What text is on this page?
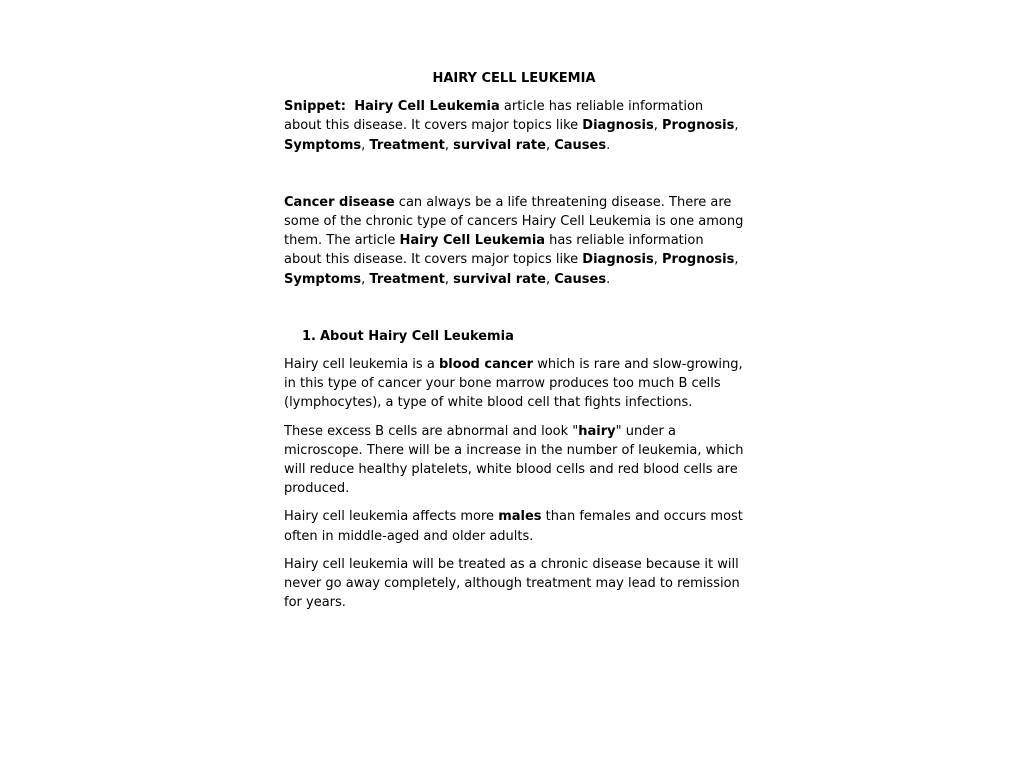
HAIRY CELL LEUKEMIA

Snippet: Hairy Cell Leukemia article has reliable information about this disease. It covers major topics like Diagnosis, Prognosis, Symptoms, Treatment, survival rate, Causes.

Cancer disease can always be a life threatening disease. There are some of the chronic type of cancers Hairy Cell Leukemia is one among them. The article Hairy Cell Leukemia has reliable information about this disease. It covers major topics like Diagnosis, Prognosis, Symptoms, Treatment, survival rate, Causes.

1. About Hairy Cell Leukemia

Hairy cell leukemia is a blood cancer which is rare and slow-growing, in this type of cancer your bone marrow produces too much B cells (lymphocytes), a type of white blood cell that fights infections.

These excess B cells are abnormal and look "hairy" under a microscope. There will be a increase in the number of leukemia, which will reduce healthy platelets, white blood cells and red blood cells are produced.

Hairy cell leukemia affects more males than females and occurs most often in middle-aged and older adults.

Hairy cell leukemia will be treated as a chronic disease because it will never go away completely, although treatment may lead to remission for years.
